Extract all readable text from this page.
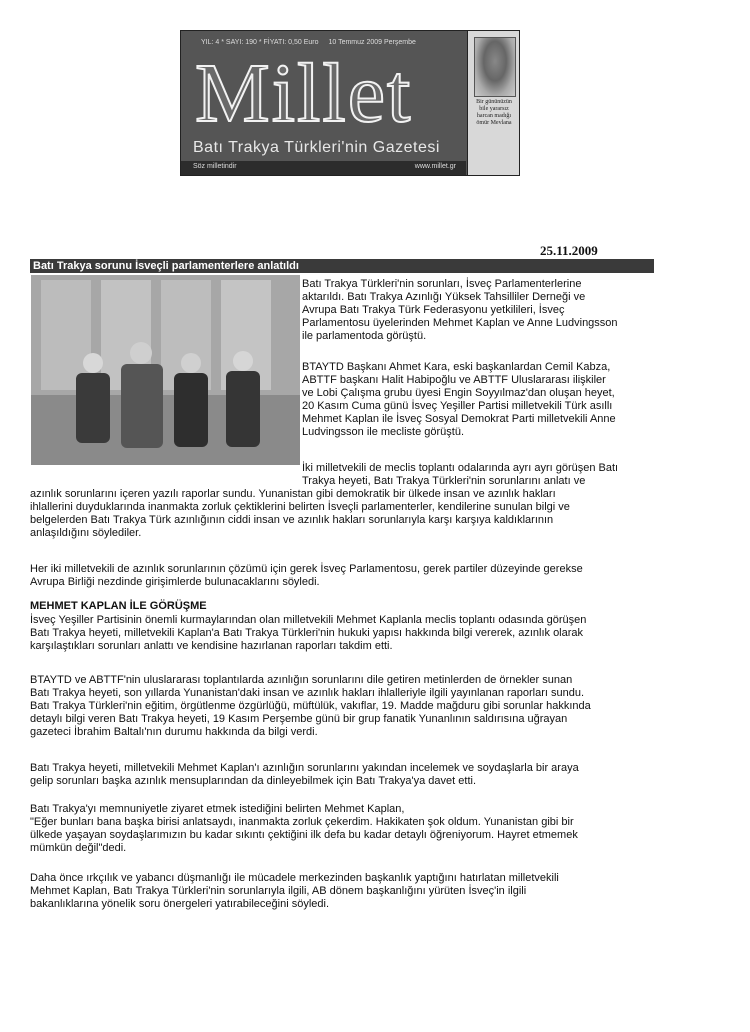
YIL: 4 * SAYI: 190 * FİYATI: 0,50 Euro 10 Temmuz 2009 Perşembe
Millet
Batı Trakya Türkleri'nin Gazetesi
Söz milletindir	www.millet.gr
Bir gününüzün bile yararsız harcan madığı ömür Mevlana
25.11.2009
Batı Trakya sorunu İsveçli parlamenterlere anlatıldı
Batı Trakya Türkleri'nin sorunları, İsveç Parlamenterlerine
aktarıldı. Batı Trakya Azınlığı Yüksek Tahsilliler Derneği ve
Avrupa Batı Trakya Türk Federasyonu yetkilileri, İsveç
Parlamentosu üyelerinden Mehmet Kaplan ve Anne Ludvingsson
ile parlamentoda görüştü.
BTAYTD Başkanı Ahmet Kara, eski başkanlardan Cemil Kabza,
ABTTF başkanı Halit Habipoğlu ve ABTTF Uluslararası ilişkiler
ve Lobi Çalışma grubu üyesi Engin Soyyılmaz'dan oluşan heyet,
20 Kasım Cuma günü İsveç Yeşiller Partisi milletvekili Türk asıllı
Mehmet Kaplan ile İsveç Sosyal Demokrat Parti milletvekili Anne
Ludvingsson ile mecliste görüştü.
İki milletvekili de meclis toplantı odalarında ayrı ayrı görüşen Batı
Trakya heyeti, Batı Trakya Türkleri'nin sorunlarını anlatı ve
azınlık sorunlarını içeren yazılı raporlar sundu. Yunanistan gibi demokratik bir ülkede insan ve azınlık hakları
ihlallerini duyduklarında inanmakta zorluk çektiklerini belirten İsveçli parlamenterler, kendilerine sunulan bilgi ve
belgelerden Batı Trakya Türk azınlığının ciddi insan ve azınlık hakları sorunlarıyla karşı karşıya kaldıklarının
anlaşıldığını söylediler.
Her iki milletvekili de azınlık sorunlarının çözümü için gerek İsveç Parlamentosu, gerek partiler düzeyinde gerekse
Avrupa Birliği nezdinde girişimlerde bulunacaklarını söyledi.
MEHMET KAPLAN İLE GÖRÜŞME
İsveç Yeşiller Partisinin önemli kurmaylarından olan milletvekili Mehmet Kaplanla meclis toplantı odasında görüşen
Batı Trakya heyeti, milletvekili Kaplan'a Batı Trakya Türkleri'nin hukuki yapısı hakkında bilgi vererek, azınlık olarak
karşılaştıkları sorunları anlattı ve kendisine hazırlanan raporları takdim etti.
BTAYTD ve ABTTF'nin uluslararası toplantılarda azınlığın sorunlarını dile getiren metinlerden de örnekler sunan
Batı Trakya heyeti, son yıllarda Yunanistan'daki insan ve azınlık hakları ihlalleriyle ilgili yayınlanan raporları sundu.
Batı Trakya Türkleri'nin eğitim, örgütlenme özgürlüğü, müftülük, vakıflar, 19. Madde mağduru gibi sorunlar hakkında
detaylı bilgi veren Batı Trakya heyeti, 19 Kasım Perşembe günü bir grup fanatik Yunanlının saldırısına uğrayan
gazeteci İbrahim Baltalı'nın durumu hakkında da bilgi verdi.
Batı Trakya heyeti, milletvekili Mehmet Kaplan'ı azınlığın sorunlarını yakından incelemek ve soydaşlarla bir araya
gelip sorunları başka azınlık mensuplarından da dinleyebilmek için Batı Trakya'ya davet etti.
Batı Trakya'yı memnuniyetle ziyaret etmek istediğini belirten Mehmet Kaplan,
"Eğer bunları bana başka birisi anlatsaydı, inanmakta zorluk çekerdim. Hakikaten şok oldum. Yunanistan gibi bir
ülkede yaşayan soydaşlarımızın bu kadar sıkıntı çektiğini ilk defa bu kadar detaylı öğreniyorum. Hayret etmemek
mümkün değil"dedi.
Daha önce ırkçılık ve yabancı düşmanlığı ile mücadele merkezinden başkanlık yaptığını hatırlatan milletvekili
Mehmet Kaplan, Batı Trakya Türkleri'nin sorunlarıyla ilgili, AB dönem başkanlığını yürüten İsveç'in ilgili
bakanlıklarına yönelik soru önergeleri yatırabileceğini söyledi.
